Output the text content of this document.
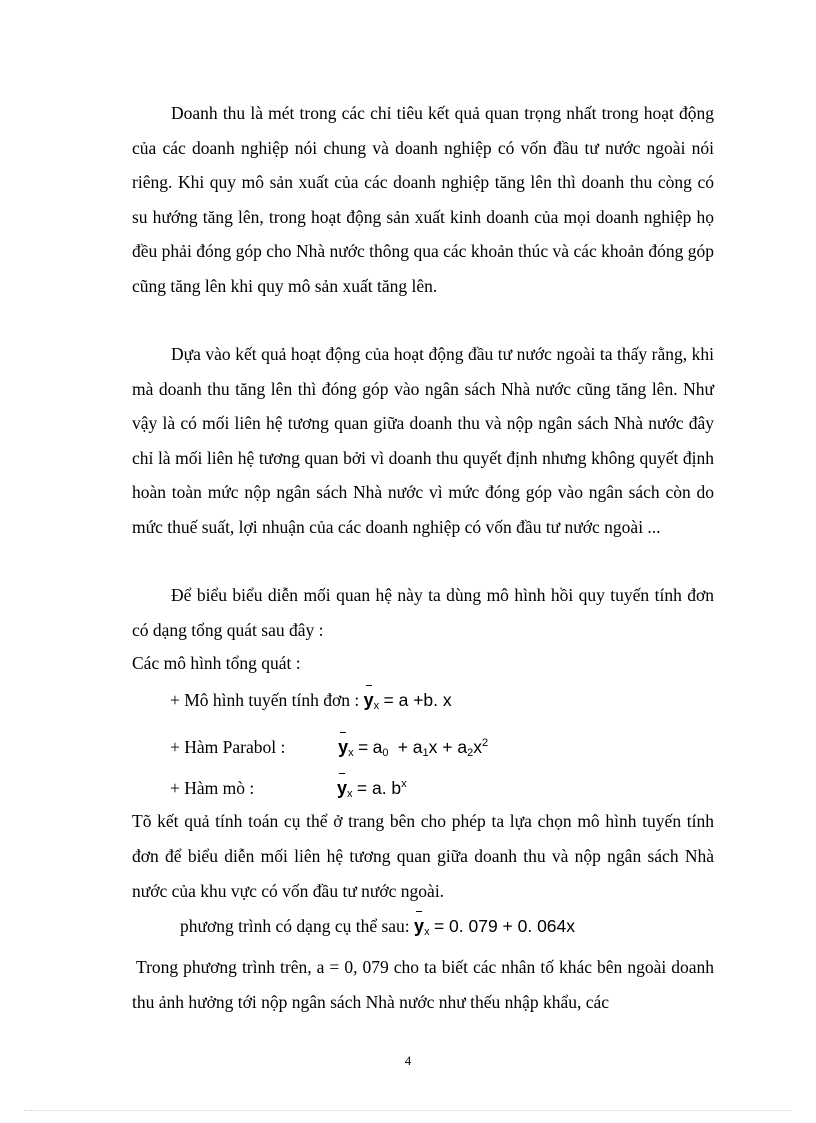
Doanh thu là mét trong các chỉ tiêu kết quả quan trọng nhất trong hoạt động của các doanh nghiệp nói chung và doanh nghiệp có vốn đầu tư nước ngoài nói riêng. Khi quy mô sản xuất của các doanh nghiệp tăng lên thì doanh thu còng có su hướng tăng lên, trong hoạt động sản xuất kinh doanh của mọi doanh nghiệp họ đều phải đóng góp cho Nhà nước thông qua các khoản thúc và các khoản đóng góp cũng tăng lên khi quy mô sản xuất tăng lên.

Dựa vào kết quả hoạt động của hoạt động đầu tư nước ngoài ta thấy rằng, khi mà doanh thu tăng lên thì đóng góp vào ngân sách Nhà nước cũng tăng lên. Như vậy là có mối liên hệ tương quan giữa doanh thu và nộp ngân sách Nhà nước đây chỉ là mối liên hệ tương quan bởi vì doanh thu quyết định nhưng không quyết định hoàn toàn mức nộp ngân sách Nhà nước vì mức đóng góp vào ngân sách còn do mức thuế suất, lợi nhuận của các doanh nghiệp có vốn đầu tư nước ngoài ...

Để biểu biểu diễn mối quan hệ này ta dùng mô hình hồi quy tuyến tính đơn có dạng tổng quát sau đây :

Các mô hình tổng quát :

+ Mô hình tuyến tính đơn : $y_x = a +b$. x
+ Hàm Parabol :	$y_x = a_0 + a_1x + a_2x^2$
+ Hàm mò :	$y_x = a$. $b^x$

Tõ kết quả tính toán cụ thể ở trang bên cho phép ta lựa chọn mô hình tuyến tính đơn để biểu diễn mối liên hệ tương quan giữa doanh thu và nộp ngân sách Nhà nước của khu vực có vốn đầu tư nước ngoài.

phương trình có dạng cụ thể sau: $y_x = 0$. 079 + 0. 064x

Trong phương trình trên, a = 0, 079 cho ta biết các nhân tố khác bên ngoài doanh thu ảnh hưởng tới nộp ngân sách Nhà nước như thếu nhập khẩu, các

4
